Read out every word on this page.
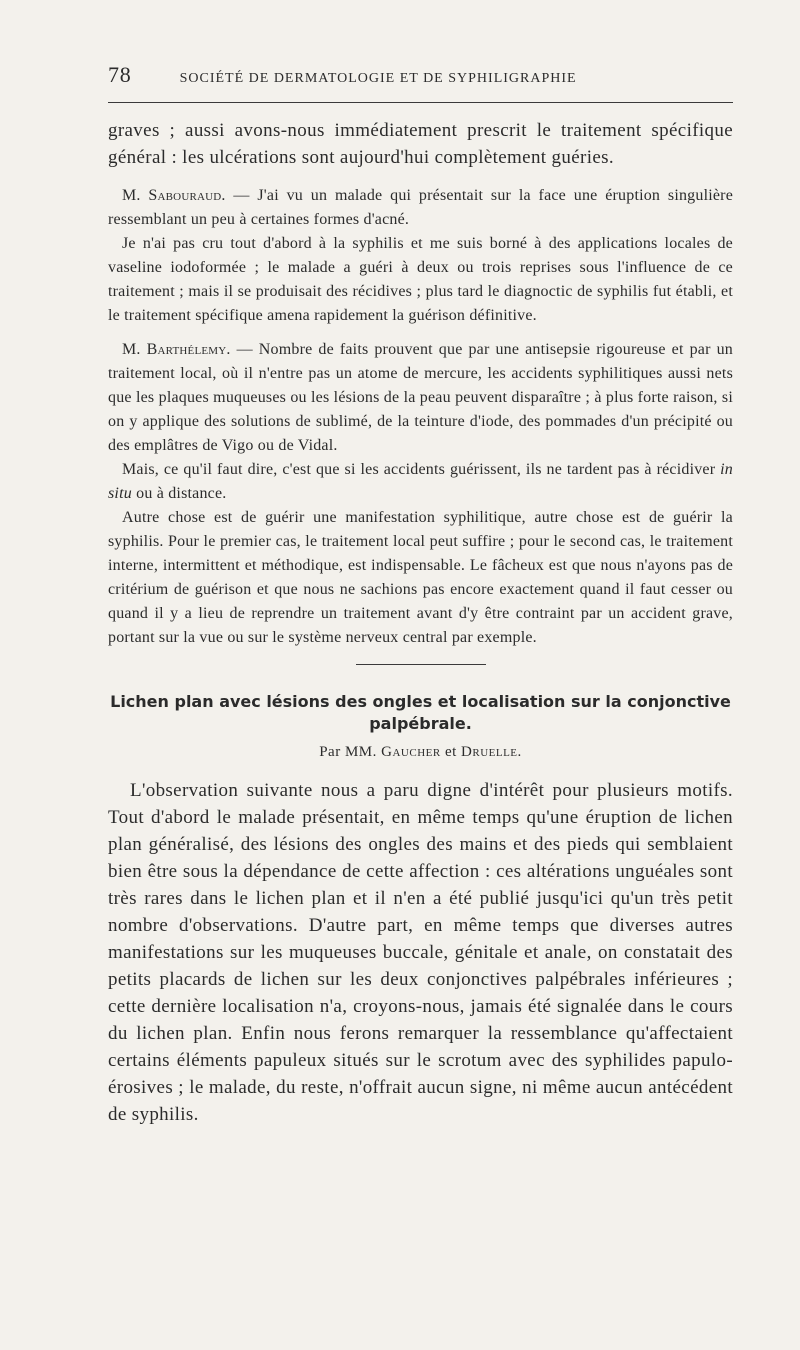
78	SOCIÉTÉ DE DERMATOLOGIE ET DE SYPHILIGRAPHIE

graves ; aussi avons-nous immédiatement prescrit le traitement spécifique général : les ulcérations sont aujourd'hui complètement guéries.

M. Sabouraud. — J'ai vu un malade qui présentait sur la face une éruption singulière ressemblant un peu à certaines formes d'acné.

Je n'ai pas cru tout d'abord à la syphilis et me suis borné à des applications locales de vaseline iodoformée ; le malade a guéri à deux ou trois reprises sous l'influence de ce traitement ; mais il se produisait des récidives ; plus tard le diagnoctic de syphilis fut établi, et le traitement spécifique amena rapidement la guérison définitive.

M. Barthélemy. — Nombre de faits prouvent que par une antisepsie rigoureuse et par un traitement local, où il n'entre pas un atome de mercure, les accidents syphilitiques aussi nets que les plaques muqueuses ou les lésions de la peau peuvent disparaître ; à plus forte raison, si on y applique des solutions de sublimé, de la teinture d'iode, des pommades d'un précipité ou des emplâtres de Vigo ou de Vidal.

Mais, ce qu'il faut dire, c'est que si les accidents guérissent, ils ne tardent pas à récidiver in situ ou à distance.

Autre chose est de guérir une manifestation syphilitique, autre chose est de guérir la syphilis. Pour le premier cas, le traitement local peut suffire ; pour le second cas, le traitement interne, intermittent et méthodique, est indispensable. Le fâcheux est que nous n'ayons pas de critérium de guérison et que nous ne sachions pas encore exactement quand il faut cesser ou quand il y a lieu de reprendre un traitement avant d'y être contraint par un accident grave, portant sur la vue ou sur le système nerveux central par exemple.

Lichen plan avec lésions des ongles et localisation sur la conjonctive palpébrale.
Par MM. Gaucher et Druelle.

L'observation suivante nous a paru digne d'intérêt pour plusieurs motifs. Tout d'abord le malade présentait, en même temps qu'une éruption de lichen plan généralisé, des lésions des ongles des mains et des pieds qui semblaient bien être sous la dépendance de cette affection : ces altérations unguéales sont très rares dans le lichen plan et il n'en a été publié jusqu'ici qu'un très petit nombre d'observations. D'autre part, en même temps que diverses autres manifestations sur les muqueuses buccale, génitale et anale, on constatait des petits placards de lichen sur les deux conjonctives palpébrales inférieures ; cette dernière localisation n'a, croyons-nous, jamais été signalée dans le cours du lichen plan. Enfin nous ferons remarquer la ressemblance qu'affectaient certains éléments papuleux situés sur le scrotum avec des syphilides papulo-érosives ; le malade, du reste, n'offrait aucun signe, ni même aucun antécédent de syphilis.
